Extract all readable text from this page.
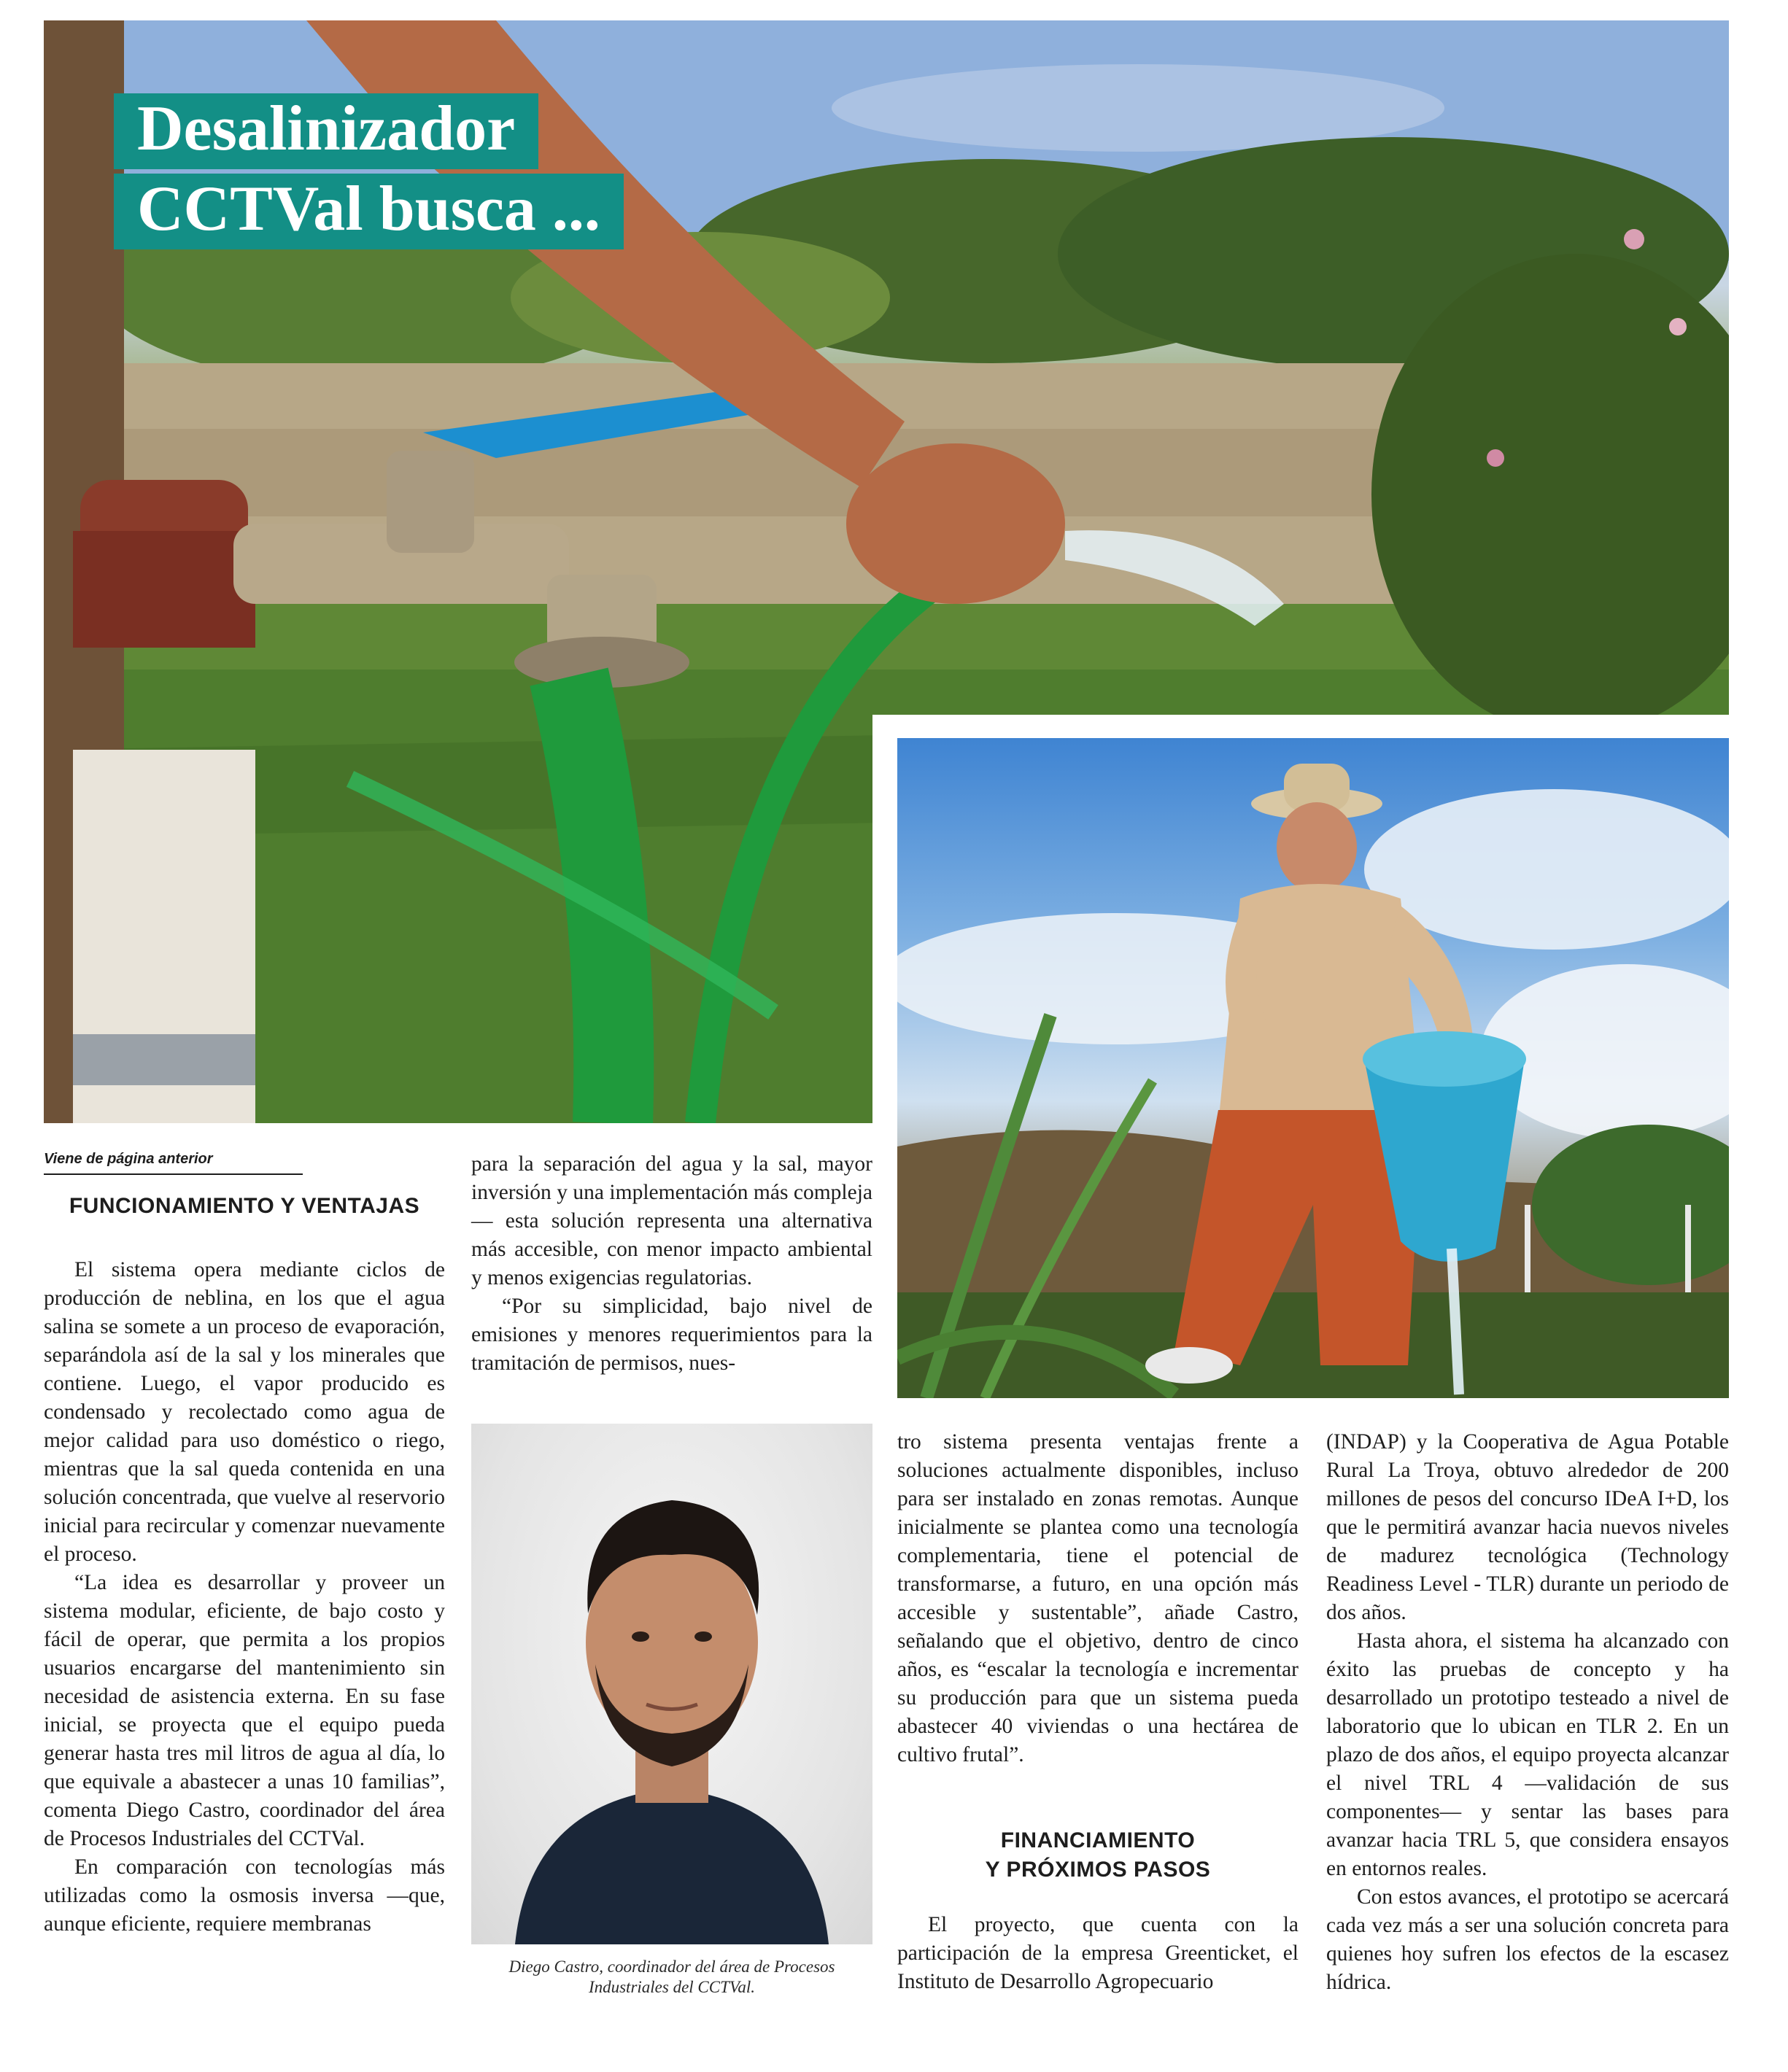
Desalinizador
CCTVal busca ...
Diego Castro, coordinador del área de Procesos Industriales del CCTVal.
Viene de página anterior
FUNCIONAMIENTO Y VENTAJAS

El sistema opera mediante ciclos de producción de neblina, en los que el agua salina se somete a un proceso de evaporación, separándola así de la sal y los minerales que contiene. Luego, el vapor producido es condensado y recolectado como agua de mejor calidad para uso doméstico o riego, mientras que la sal queda contenida en una solución concentrada, que vuelve al reservorio inicial para recircular y comenzar nuevamente el proceso.

“La idea es desarrollar y proveer un sistema modular, eficiente, de bajo costo y fácil de operar, que permita a los propios usuarios encargarse del mantenimiento sin necesidad de asistencia externa. En su fase inicial, se proyecta que el equipo pueda generar hasta tres mil litros de agua al día, lo que equivale a abastecer a unas 10 familias”, comenta Diego Castro, coordinador del área de Procesos Industriales del CCTVal.

En comparación con tecnologías más utilizadas como la osmosis inversa —que, aunque eficiente, requiere membranas

para la separación del agua y la sal, mayor inversión y una implementación más compleja— esta solución representa una alternativa más accesible, con menor impacto ambiental y menos exigencias regulatorias.

“Por su simplicidad, bajo nivel de emisiones y menores requerimientos para la tramitación de permisos, nues-

tro sistema presenta ventajas frente a soluciones actualmente disponibles, incluso para ser instalado en zonas remotas. Aunque inicialmente se plantea como una tecnología complementaria, tiene el potencial de transformarse, a futuro, en una opción más accesible y sustentable”, añade Castro, señalando que el objetivo, dentro de cinco años, es “escalar la tecnología e incrementar su producción para que un sistema pueda abastecer 40 viviendas o una hectárea de cultivo frutal”.

FINANCIAMIENTO
Y PRÓXIMOS PASOS

El proyecto, que cuenta con la participación de la empresa Greenticket, el Instituto de Desarrollo Agropecuario

(INDAP) y la Cooperativa de Agua Potable Rural La Troya, obtuvo alrededor de 200 millones de pesos del concurso IDeA I+D, los que le permitirá avanzar hacia nuevos niveles de madurez tecnológica (Technology Readiness Level - TLR) durante un periodo de dos años.

Hasta ahora, el sistema ha alcanzado con éxito las pruebas de concepto y ha desarrollado un prototipo testeado a nivel de laboratorio que lo ubican en TLR 2. En un plazo de dos años, el equipo proyecta alcanzar el nivel TRL 4 —validación de sus componentes— y sentar las bases para avanzar hacia TRL 5, que considera ensayos en entornos reales.

Con estos avances, el prototipo se acercará cada vez más a ser una solución concreta para quienes hoy sufren los efectos de la escasez hídrica.
